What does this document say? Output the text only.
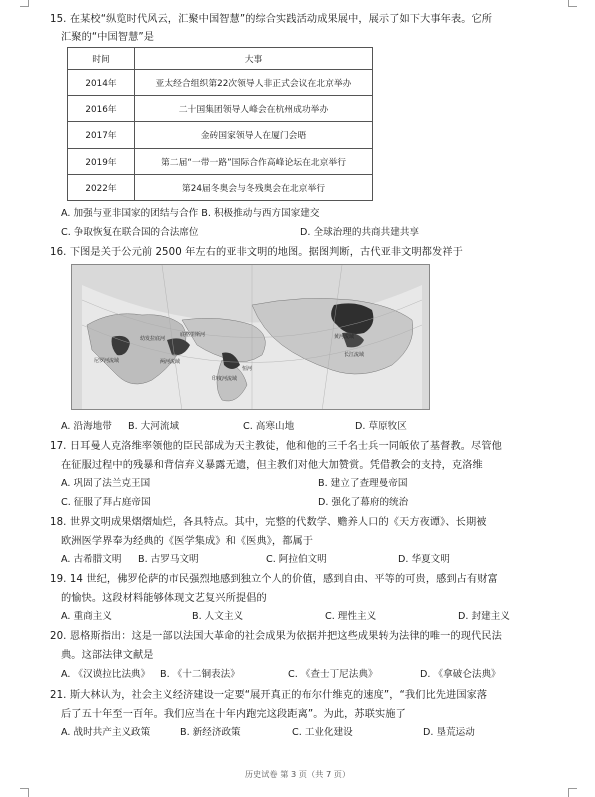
15. 在某校“纵览时代风云，汇聚中国智慧”的综合实践活动成果展中，展示了如下大事年表。它所
汇聚的“中国智慧”是
时间	大事
2014年	亚太经合组织第22次领导人非正式会议在北京举办
2016年	二十国集团领导人峰会在杭州成功举办
2017年	金砖国家领导人在厦门会晤
2019年	第二届“一带一路”国际合作高峰论坛在北京举行
2022年	第24届冬奥会与冬残奥会在北京举行
A. 加强与亚非国家的团结与合作 B. 积极推动与西方国家建交
C. 争取恢复在联合国的合法席位	D. 全球治理的共商共建共享
16. 下图是关于公元前 2500 年左右的亚非文明的地图。据图判断，古代亚非文明都发祥于
尼罗河流域	两河流域
印度河流域
黄河流域
长江流域
恒河
幼发拉底河
底格里斯河
A. 沿海地带 B. 大河流域	C. 高寒山地	D. 草原牧区
17. 日耳曼人克洛维率领他的臣民部成为天主教徒，他和他的三千名士兵一同皈依了基督教。尽管他
在征服过程中的残暴和背信弃义暴露无遗，但主教们对他大加赞赏。凭借教会的支持，克洛维
A. 巩固了法兰克王国	B. 建立了查理曼帝国
C. 征服了拜占庭帝国	D. 强化了幕府的统治
18. 世界文明成果熠熠灿烂，各具特点。其中，完整的代数学、赡养人口的《天方夜谭》、长期被
欧洲医学界奉为经典的《医学集成》和《医典》，都属于
A. 古希腊文明 B. 古罗马文明	C. 阿拉伯文明	D. 华夏文明
19. 14 世纪，佛罗伦萨的市民强烈地感到独立个人的价值，感到自由、平等的可贵，感到占有财富
的愉快。这段材料能够体现文艺复兴所提倡的
A. 重商主义	B. 人文主义	C. 理性主义	D. 封建主义
20. 恩格斯指出：这是一部以法国大革命的社会成果为依据并把这些成果转为法律的唯一的现代民法
典。这部法律文献是
A. 《汉谟拉比法典》 B. 《十二铜表法》	C. 《查士丁尼法典》	D. 《拿破仑法典》
21. 斯大林认为，社会主义经济建设一定要“展开真正的布尔什维克的速度”，“我们比先进国家落
后了五十年至一百年。我们应当在十年内跑完这段距离”。为此，苏联实施了
A. 战时共产主义政策	B. 新经济政策	C. 工业化建设	D. 垦荒运动
历史试卷 第 3 页（共 7 页）
